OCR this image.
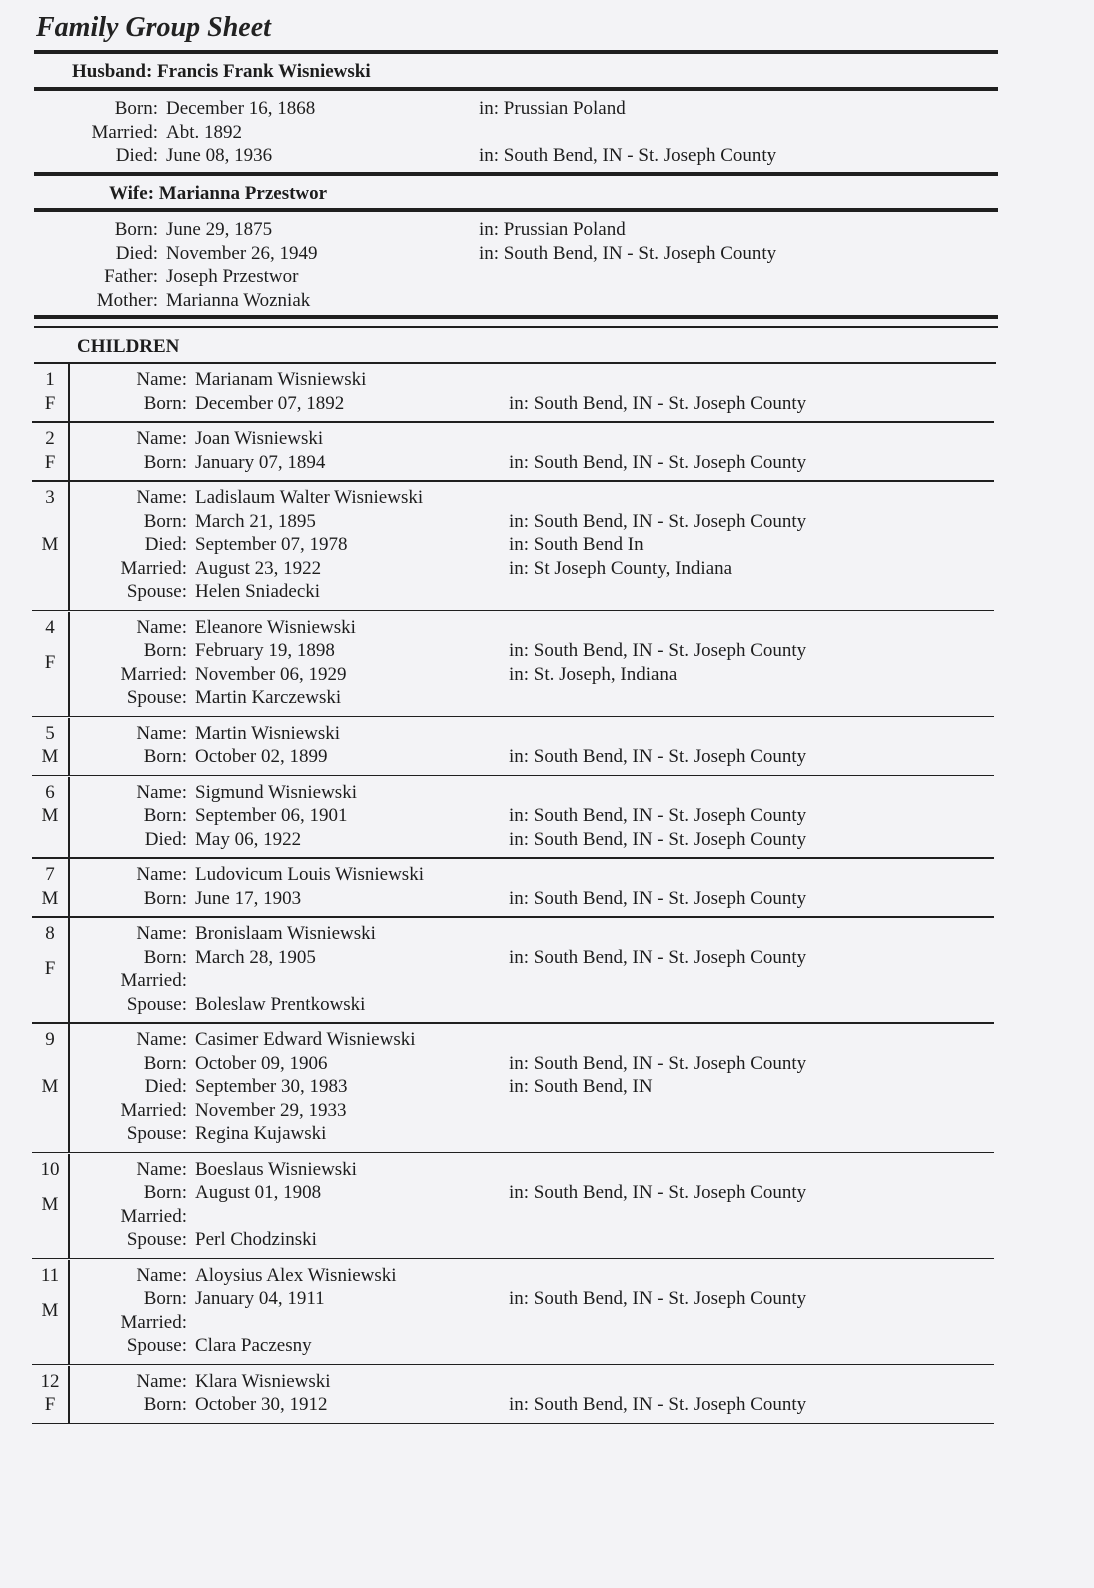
Family Group Sheet
Husband: Francis Frank Wisniewski
Born: December 16, 1868	in: Prussian Poland
Married: Abt. 1892
Died: June 08, 1936	in: South Bend, IN - St. Joseph County
Wife: Marianna Przestwor
Born: June 29, 1875	in: Prussian Poland
Died: November 26, 1949	in: South Bend, IN - St. Joseph County
Father: Joseph Przestwor
Mother: Marianna Wozniak
CHILDREN
1
F
Name: Marianam Wisniewski
Born: December 07, 1892	in: South Bend, IN - St. Joseph County
2
F
Name: Joan Wisniewski
Born: January 07, 1894	in: South Bend, IN - St. Joseph County
3
M
Name: Ladislaum Walter Wisniewski
Born: March 21, 1895	in: South Bend, IN - St. Joseph County
Died: September 07, 1978	in: South Bend In
Married: August 23, 1922	in: St Joseph County, Indiana
Spouse: Helen Sniadecki
4
F
Name: Eleanore Wisniewski
Born: February 19, 1898	in: South Bend, IN - St. Joseph County
Married: November 06, 1929	in: St. Joseph, Indiana
Spouse: Martin Karczewski
5
M
Name: Martin Wisniewski
Born: October 02, 1899	in: South Bend, IN - St. Joseph County
6
M
Name: Sigmund Wisniewski
Born: September 06, 1901	in: South Bend, IN - St. Joseph County
Died: May 06, 1922	in: South Bend, IN - St. Joseph County
7
M
Name: Ludovicum Louis Wisniewski
Born: June 17, 1903	in: South Bend, IN - St. Joseph County
8
F
Name: Bronislaam Wisniewski
Born: March 28, 1905	in: South Bend, IN - St. Joseph County
Married:
Spouse: Boleslaw Prentkowski
9
M
Name: Casimer Edward Wisniewski
Born: October 09, 1906	in: South Bend, IN - St. Joseph County
Died: September 30, 1983	in: South Bend, IN
Married: November 29, 1933
Spouse: Regina Kujawski
10
M
Name: Boeslaus Wisniewski
Born: August 01, 1908	in: South Bend, IN - St. Joseph County
Married:
Spouse: Perl Chodzinski
11
M
Name: Aloysius Alex Wisniewski
Born: January 04, 1911	in: South Bend, IN - St. Joseph County
Married:
Spouse: Clara Paczesny
12
F
Name: Klara Wisniewski
Born: October 30, 1912	in: South Bend, IN - St. Joseph County
